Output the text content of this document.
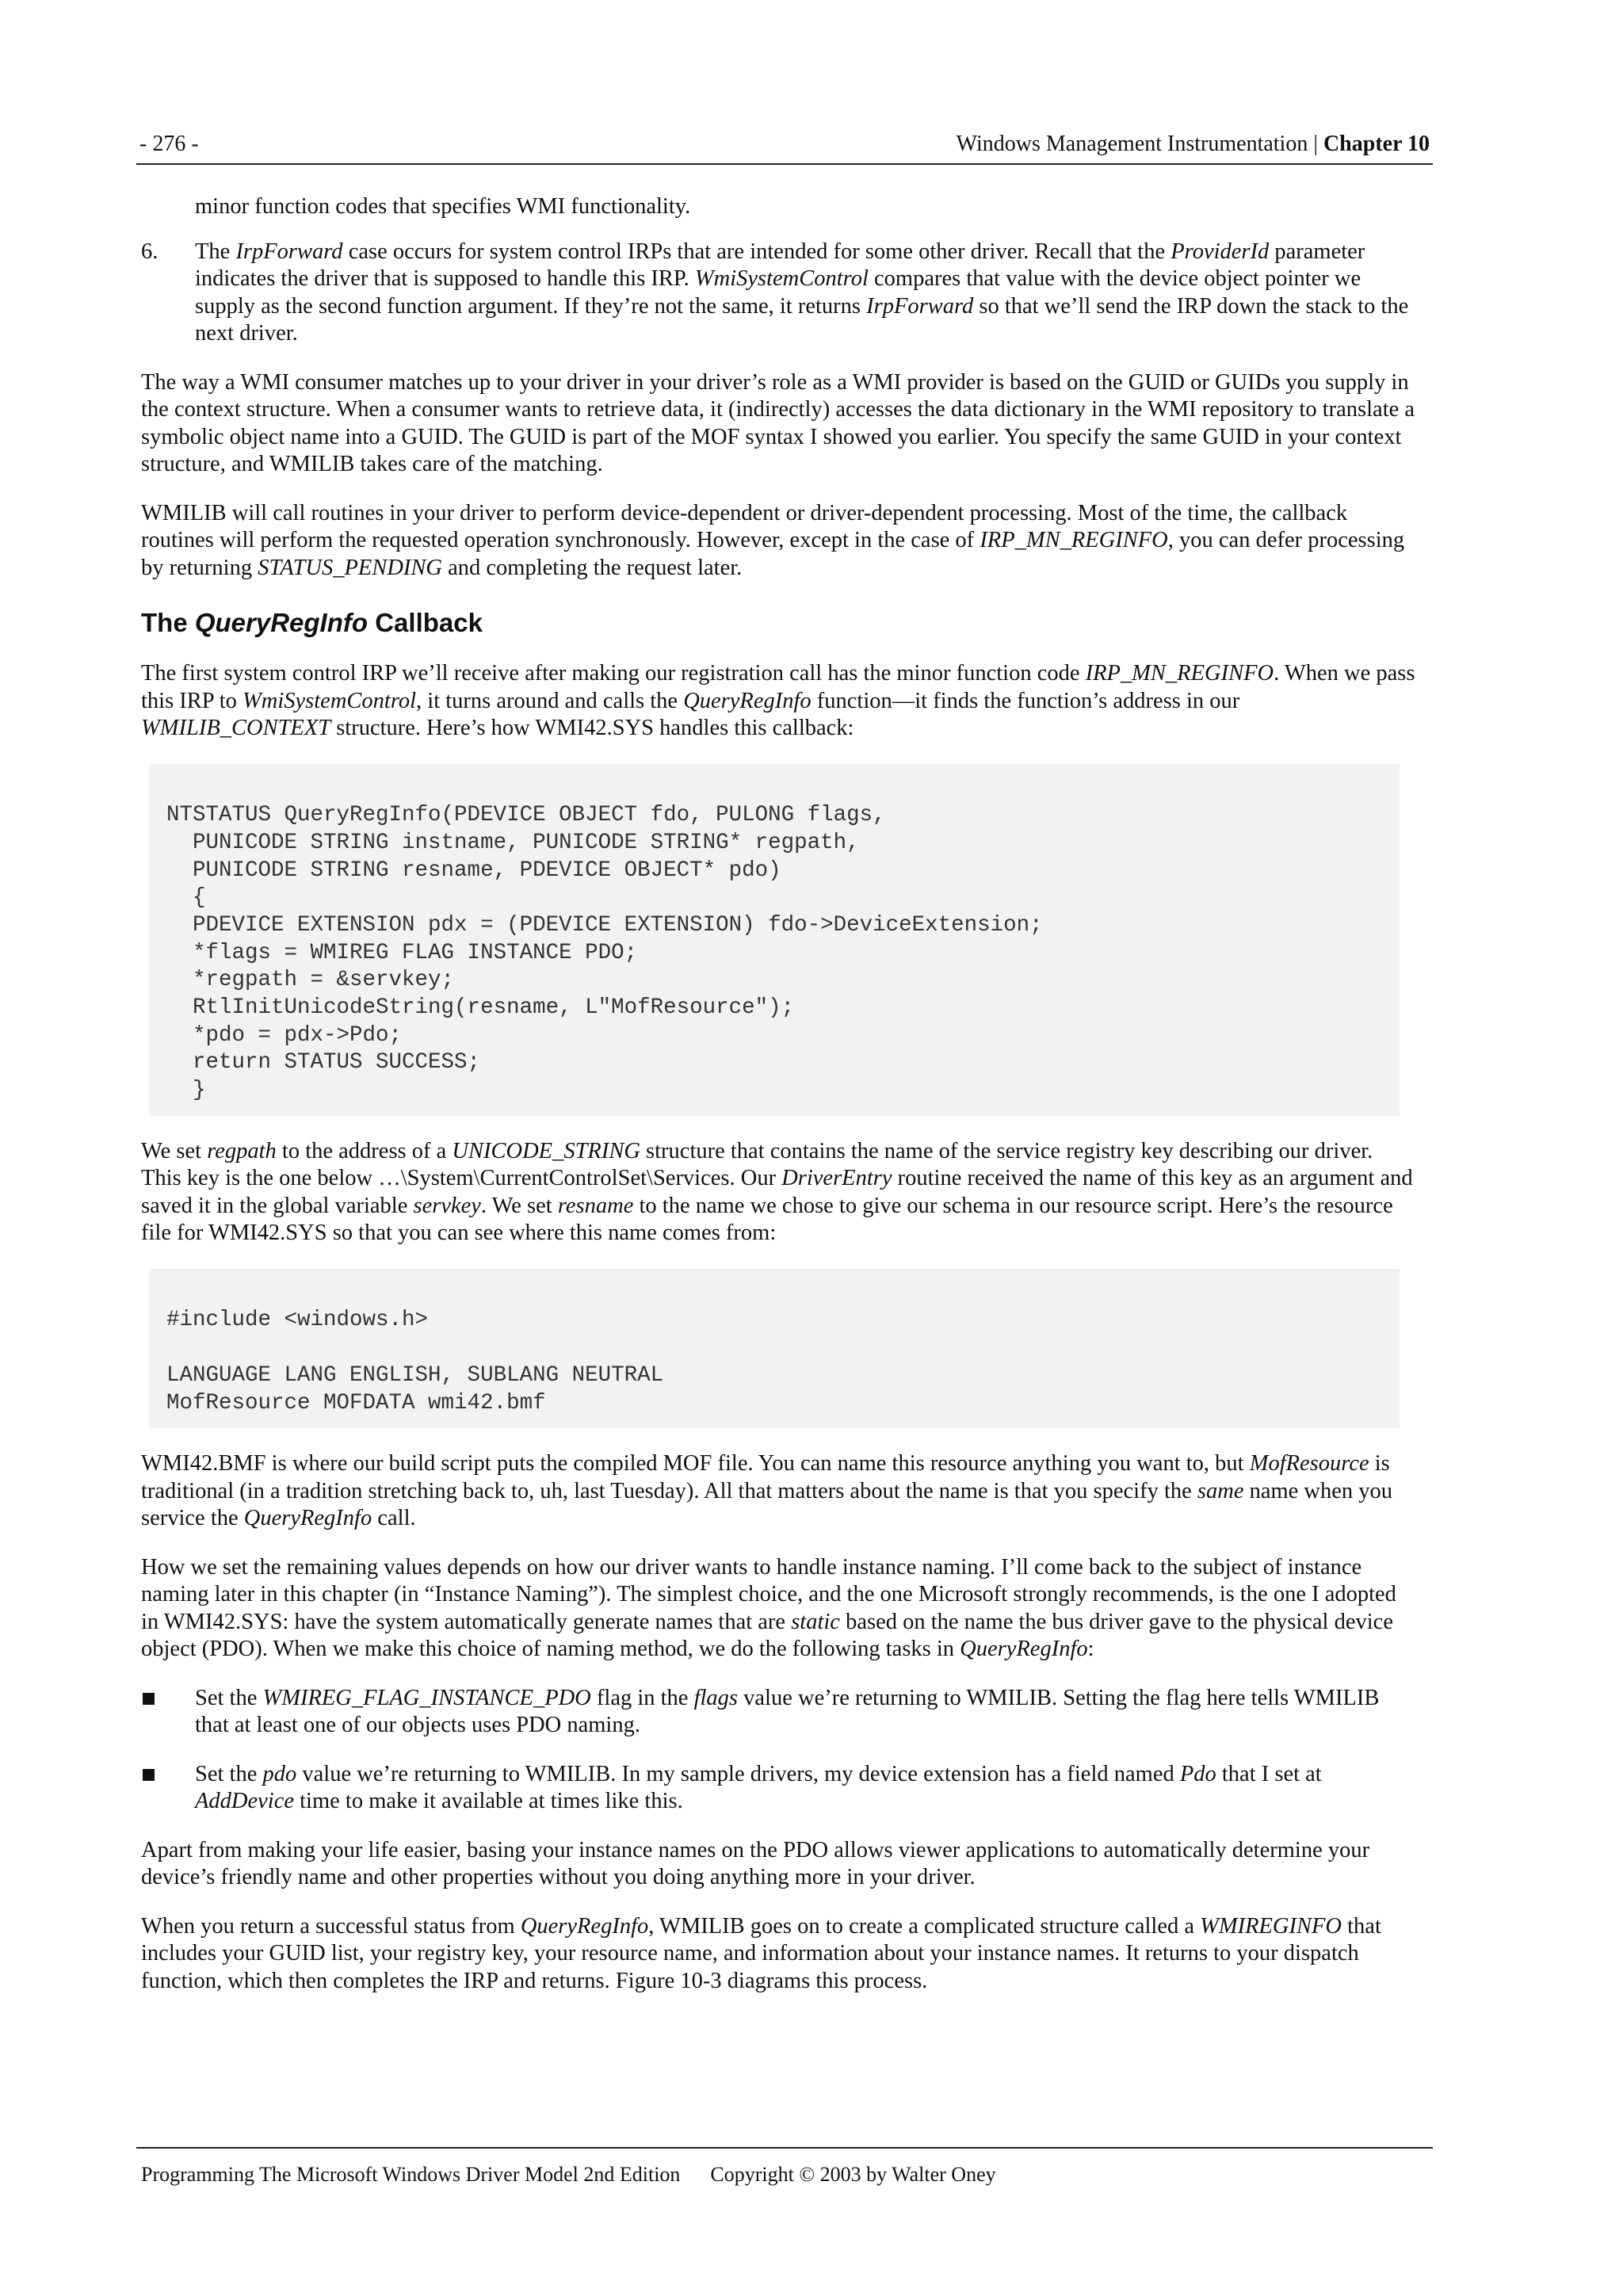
- 276 -	Windows Management Instrumentation | Chapter 10
minor function codes that specifies WMI functionality.
6.	The IrpForward case occurs for system control IRPs that are intended for some other driver. Recall that the ProviderId parameter indicates the driver that is supposed to handle this IRP. WmiSystemControl compares that value with the device object pointer we supply as the second function argument. If they’re not the same, it returns IrpForward so that we’ll send the IRP down the stack to the next driver.
The way a WMI consumer matches up to your driver in your driver’s role as a WMI provider is based on the GUID or GUIDs you supply in the context structure. When a consumer wants to retrieve data, it (indirectly) accesses the data dictionary in the WMI repository to translate a symbolic object name into a GUID. The GUID is part of the MOF syntax I showed you earlier. You specify the same GUID in your context structure, and WMILIB takes care of the matching.
WMILIB will call routines in your driver to perform device-dependent or driver-dependent processing. Most of the time, the callback routines will perform the requested operation synchronously. However, except in the case of IRP_MN_REGINFO, you can defer processing by returning STATUS_PENDING and completing the request later.
The QueryRegInfo Callback
The first system control IRP we’ll receive after making our registration call has the minor function code IRP_MN_REGINFO. When we pass this IRP to WmiSystemControl, it turns around and calls the QueryRegInfo function—it finds the function’s address in our WMILIB_CONTEXT structure. Here’s how WMI42.SYS handles this callback:

NTSTATUS QueryRegInfo(PDEVICE OBJECT fdo, PULONG flags,
PUNICODE STRING instname, PUNICODE STRING* regpath,
PUNICODE STRING resname, PDEVICE OBJECT* pdo)
{
PDEVICE EXTENSION pdx = (PDEVICE EXTENSION) fdo->DeviceExtension;
*flags = WMIREG FLAG INSTANCE PDO;
*regpath = &servkey;
RtlInitUnicodeString(resname, L"MofResource");
*pdo = pdx->Pdo;
return STATUS SUCCESS;
}
We set regpath to the address of a UNICODE_STRING structure that contains the name of the service registry key describing our driver. This key is the one below …\System\CurrentControlSet\Services. Our DriverEntry routine received the name of this key as an argument and saved it in the global variable servkey. We set resname to the name we chose to give our schema in our resource script. Here’s the resource file for WMI42.SYS so that you can see where this name comes from:

#include <windows.h>
LANGUAGE LANG ENGLISH, SUBLANG NEUTRAL
MofResource MOFDATA wmi42.bmf
WMI42.BMF is where our build script puts the compiled MOF file. You can name this resource anything you want to, but MofResource is traditional (in a tradition stretching back to, uh, last Tuesday). All that matters about the name is that you specify the same name when you service the QueryRegInfo call.
How we set the remaining values depends on how our driver wants to handle instance naming. I’ll come back to the subject of instance naming later in this chapter (in “Instance Naming”). The simplest choice, and the one Microsoft strongly recommends, is the one I adopted in WMI42.SYS: have the system automatically generate names that are static based on the name the bus driver gave to the physical device object (PDO). When we make this choice of naming method, we do the following tasks in QueryRegInfo:
Set the WMIREG_FLAG_INSTANCE_PDO flag in the flags value we’re returning to WMILIB. Setting the flag here tells WMILIB that at least one of our objects uses PDO naming.
Set the pdo value we’re returning to WMILIB. In my sample drivers, my device extension has a field named Pdo that I set at AddDevice time to make it available at times like this.
Apart from making your life easier, basing your instance names on the PDO allows viewer applications to automatically determine your device’s friendly name and other properties without you doing anything more in your driver.
When you return a successful status from QueryRegInfo, WMILIB goes on to create a complicated structure called a WMIREGINFO that includes your GUID list, your registry key, your resource name, and information about your instance names. It returns to your dispatch function, which then completes the IRP and returns. Figure 10-3 diagrams this process.
Programming The Microsoft Windows Driver Model 2nd Edition Copyright © 2003 by Walter Oney
